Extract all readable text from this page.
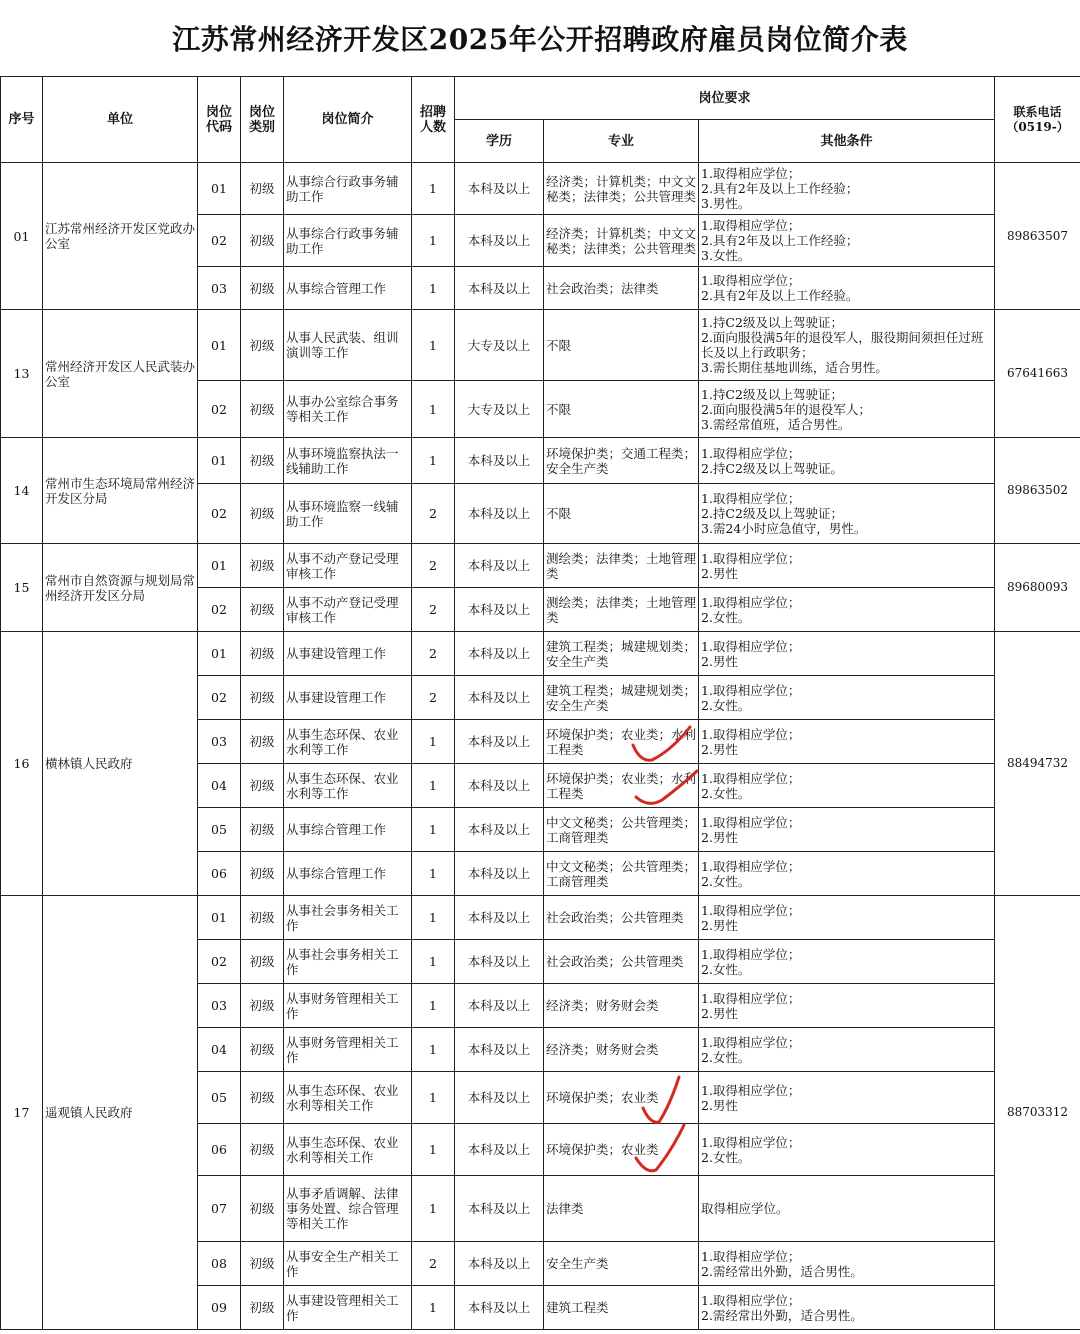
江苏常州经济开发区2025年公开招聘政府雇员岗位简介表
序号	单位	岗位代码	岗位类别	岗位简介	招聘人数	岗位要求			联系电话（0519-）
						学历	专业	其他条件	
01	江苏常州经济开发区党政办公室	01	初级	从事综合行政事务辅助工作	1	本科及以上	经济类；计算机类；中文文秘类；法律类；公共管理类	1.取得相应学位；
2.具有2年及以上工作经验；
3.男性。	89863507
		02	初级	从事综合行政事务辅助工作	1	本科及以上	经济类；计算机类；中文文秘类；法律类；公共管理类	1.取得相应学位；
2.具有2年及以上工作经验；
3.女性。	

		03	初级	从事综合管理工作	1	本科及以上	社会政治类；法律类	1.取得相应学位；
2.具有2年及以上工作经验。	

13	常州经济开发区人民武装办公室	01	初级	从事人民武装、组训演训等工作	1	大专及以上	不限	1.持C2级及以上驾驶证；
2.面向服役满5年的退役军人，服役期间须担任过班长及以上行政职务；
3.需长期住基地训练，适合男性。	67641663
		02	初级	从事办公室综合事务等相关工作	1	大专及以上	不限	1.持C2级及以上驾驶证；
2.面向服役满5年的退役军人；
3.需经常值班，适合男性。	

14	常州市生态环境局常州经济开发区分局	01	初级	从事环境监察执法一线辅助工作	1	本科及以上	环境保护类；交通工程类；安全生产类	1.取得相应学位；
2.持C2级及以上驾驶证。	89863502
		02	初级	从事环境监察一线辅助工作	2	本科及以上	不限	1.取得相应学位；
2.持C2级及以上驾驶证；
3.需24小时应急值守，男性。	

15	常州市自然资源与规划局常州经济开发区分局	01	初级	从事不动产登记受理审核工作	2	本科及以上	测绘类；法律类；土地管理类	1.取得相应学位；
2.男性	89680093
		02	初级	从事不动产登记受理审核工作	2	本科及以上	测绘类；法律类；土地管理类	1.取得相应学位；
2.女性。	

16	横林镇人民政府	01	初级	从事建设管理工作	2	本科及以上	建筑工程类；城建规划类；安全生产类	1.取得相应学位；
2.男性	88494732
		02	初级	从事建设管理工作	2	本科及以上	建筑工程类；城建规划类；安全生产类	1.取得相应学位；
2.女性。	

		03	初级	从事生态环保、农业水利等工作	1	本科及以上	环境保护类；农业类；水利工程类	1.取得相应学位；
2.男性	

		04	初级	从事生态环保、农业水利等工作	1	本科及以上	环境保护类；农业类；水利工程类	1.取得相应学位；
2.女性。	

		05	初级	从事综合管理工作	1	本科及以上	中文文秘类；公共管理类；工商管理类	1.取得相应学位；
2.男性	

		06	初级	从事综合管理工作	1	本科及以上	中文文秘类；公共管理类；工商管理类	1.取得相应学位；
2.女性。	

17	遥观镇人民政府	01	初级	从事社会事务相关工作	1	本科及以上	社会政治类；公共管理类	1.取得相应学位；
2.男性	88703312
		02	初级	从事社会事务相关工作	1	本科及以上	社会政治类；公共管理类	1.取得相应学位；
2.女性。	

		03	初级	从事财务管理相关工作	1	本科及以上	经济类；财务财会类	1.取得相应学位；
2.男性	

		04	初级	从事财务管理相关工作	1	本科及以上	经济类；财务财会类	1.取得相应学位；
2.女性。	

		05	初级	从事生态环保、农业水利等相关工作	1	本科及以上	环境保护类；农业类	1.取得相应学位；
2.男性	

		06	初级	从事生态环保、农业水利等相关工作	1	本科及以上	环境保护类；农业类	1.取得相应学位；
2.女性。	

		07	初级	从事矛盾调解、法律事务处置、综合管理等相关工作	1	本科及以上	法律类	取得相应学位。	

		08	初级	从事安全生产相关工作	2	本科及以上	安全生产类	1.取得相应学位；
2.需经常出外勤，适合男性。	

		09	初级	从事建设管理相关工作	1	本科及以上	建筑工程类	1.取得相应学位；
2.需经常出外勤，适合男性。	
